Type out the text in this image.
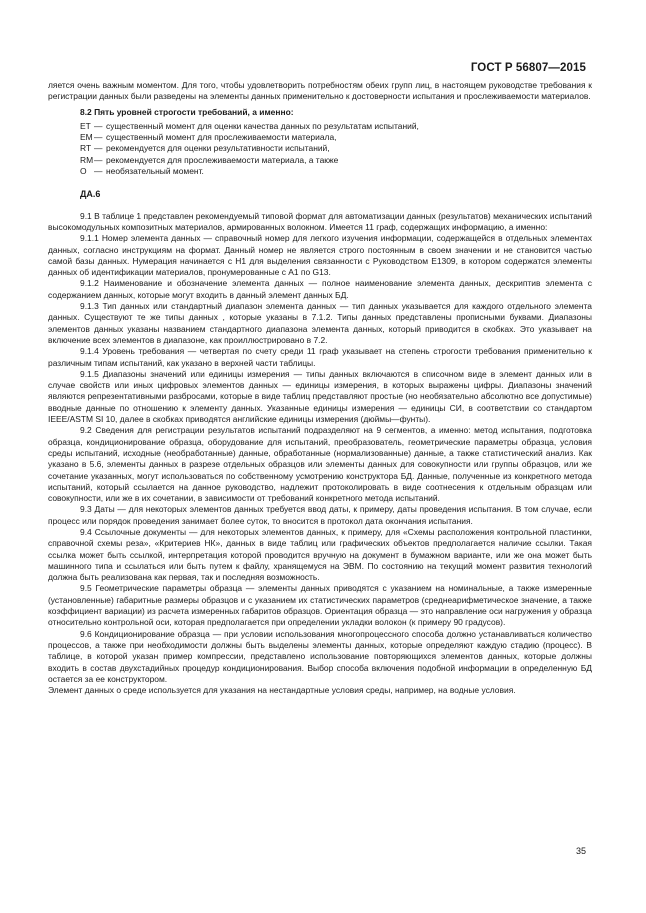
ГОСТ Р 56807—2015

ляется очень важным моментом. Для того, чтобы удовлетворить потребностям обеих групп лиц, в настоящем руководстве требования к регистрации данных были разведены на элементы данных применительно к достоверности испытания и прослеживаемости материалов.

8.2 Пять уровней строгости требований, а именно:
ET — существенный момент для оценки качества данных по результатам испытаний,
EM — существенный момент для прослеживаемости материала,
RT — рекомендуется для оценки результативности испытаний,
RM — рекомендуется для прослеживаемости материала, а также
O — необязательный момент.
ДА.6

9.1 В таблице 1 представлен рекомендуемый типовой формат для автоматизации данных (результатов) механических испытаний высокомодульных композитных материалов, армированных волокном. Имеется 11 граф, содержащих информацию, а именно:

9.1.1 Номер элемента данных — справочный номер для легкого изучения информации, содержащейся в отдельных элементах данных, согласно инструкциям на формат. Данный номер не является строго постоянным в своем значении и не становится частью самой базы данных. Нумерация начинается с H1 для выделения связанности с Руководством E1309, в котором содержатся элементы данных об идентификации материалов, пронумерованные с A1 по G13.

9.1.2 Наименование и обозначение элемента данных — полное наименование элемента данных, дескриптив элемента с содержанием данных, которые могут входить в данный элемент данных БД.

9.1.3 Тип данных или стандартный диапазон элемента данных — тип данных указывается для каждого отдельного элемента данных. Существуют те же типы данных , которые указаны в 7.1.2. Типы данных представлены прописными буквами. Диапазоны элементов данных указаны названием стандартного диапазона элемента данных, который приводится в скобках. Это указывает на включение всех элементов в диапазоне, как проиллюстрировано в 7.2.

9.1.4 Уровень требования — четвертая по счету среди 11 граф указывает на степень строгости требования применительно к различным типам испытаний, как указано в верхней части таблицы.

9.1.5 Диапазоны значений или единицы измерения — типы данных включаются в списочном виде в элемент данных или в случае свойств или иных цифровых элементов данных — единицы измерения, в которых выражены цифры. Диапазоны значений являются репрезентативными разбросами, которые в виде таблиц представляют простые (но необязательно абсолютно все допустимые) вводные данные по отношению к элементу данных. Указанные единицы измерения — единицы СИ, в соответствии со стандартом IEEE/ASTM SI 10, далее в скобках приводятся английские единицы измерения (дюймы—фунты).

9.2 Сведения для регистрации результатов испытаний подразделяют на 9 сегментов, а именно: метод испытания, подготовка образца, кондиционирование образца, оборудование для испытаний, преобразователь, геометрические параметры образца, условия среды испытаний, исходные (необработанные) данные, обработанные (нормализованные) данные, а также статистический анализ. Как указано в 5.6, элементы данных в разрезе отдельных образцов или элементы данных для совокупности или группы образцов, или же сочетание указанных, могут использоваться по собственному усмотрению конструктора БД. Данные, полученные из конкретного метода испытаний, который ссылается на данное руководство, надлежит протоколировать в виде соотнесения к отдельным образцам или совокупности, или же в их сочетании, в зависимости от требований конкретного метода испытаний.

9.3 Даты — для некоторых элементов данных требуется ввод даты, к примеру, даты проведения испытания. В том случае, если процесс или порядок проведения занимает более суток, то вносится в протокол дата окончания испытания.

9.4 Ссылочные документы — для некоторых элементов данных, к примеру, для «Схемы расположения контрольной пластинки, справочной схемы реза», «Критериев НК», данных в виде таблиц или графических объектов предполагается наличие ссылки. Такая ссылка может быть ссылкой, интерпретация которой проводится вручную на документ в бумажном варианте, или же она может быть машинного типа и ссылаться или быть путем к файлу, хранящемуся на ЭВМ. По состоянию на текущий момент развития технологий должна быть реализована как первая, так и последняя возможность.

9.5 Геометрические параметры образца — элементы данных приводятся с указанием на номинальные, а также измеренные (установленные) габаритные размеры образцов и с указанием их статистических параметров (среднеарифметическое значение, а также коэффициент вариации) из расчета измеренных габаритов образцов. Ориентация образца — это направление оси нагружения у образца относительно контрольной оси, которая предполагается при определении укладки волокон (к примеру 90 градусов).

9.6 Кондиционирование образца — при условии использования многопроцессного способа должно устанавливаться количество процессов, а также при необходимости должны быть выделены элементы данных, которые определяют каждую стадию (процесс). В таблице, в которой указан пример компрессии, представлено использование повторяющихся элементов данных, которые должны входить в состав двухстадийных процедур кондиционирования. Выбор способа включения подобной информации в определенную БД остается за ее конструктором.

Элемент данных о среде используется для указания на нестандартные условия среды, например, на водные условия.

35
